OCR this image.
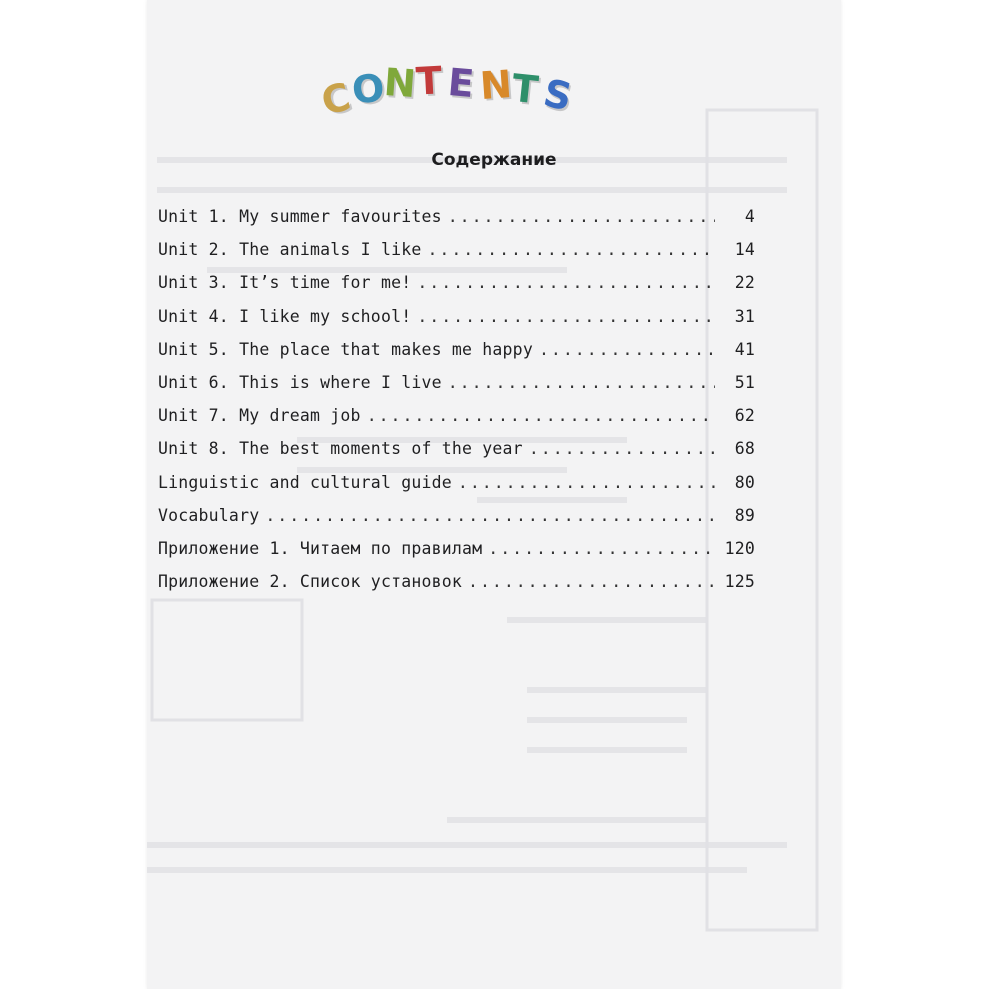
C
O
N
T E N
T S
Содержание
Unit 1. My summer favourites .....	4
Unit 2. The animals I like .....	14
Unit 3. It’s time for me! .....	22
Unit 4. I like my school! .....	31
Unit 5. The place that makes me happy .....	41
Unit 6. This is where I live .....	51
Unit 7. My dream job .....	62
Unit 8. The best moments of the year .....	68
Linguistic and cultural guide .....	80
Vocabulary .....	89
Приложение 1. Читаем по правилам .....	120
Приложение 2. Список установок .....	125
